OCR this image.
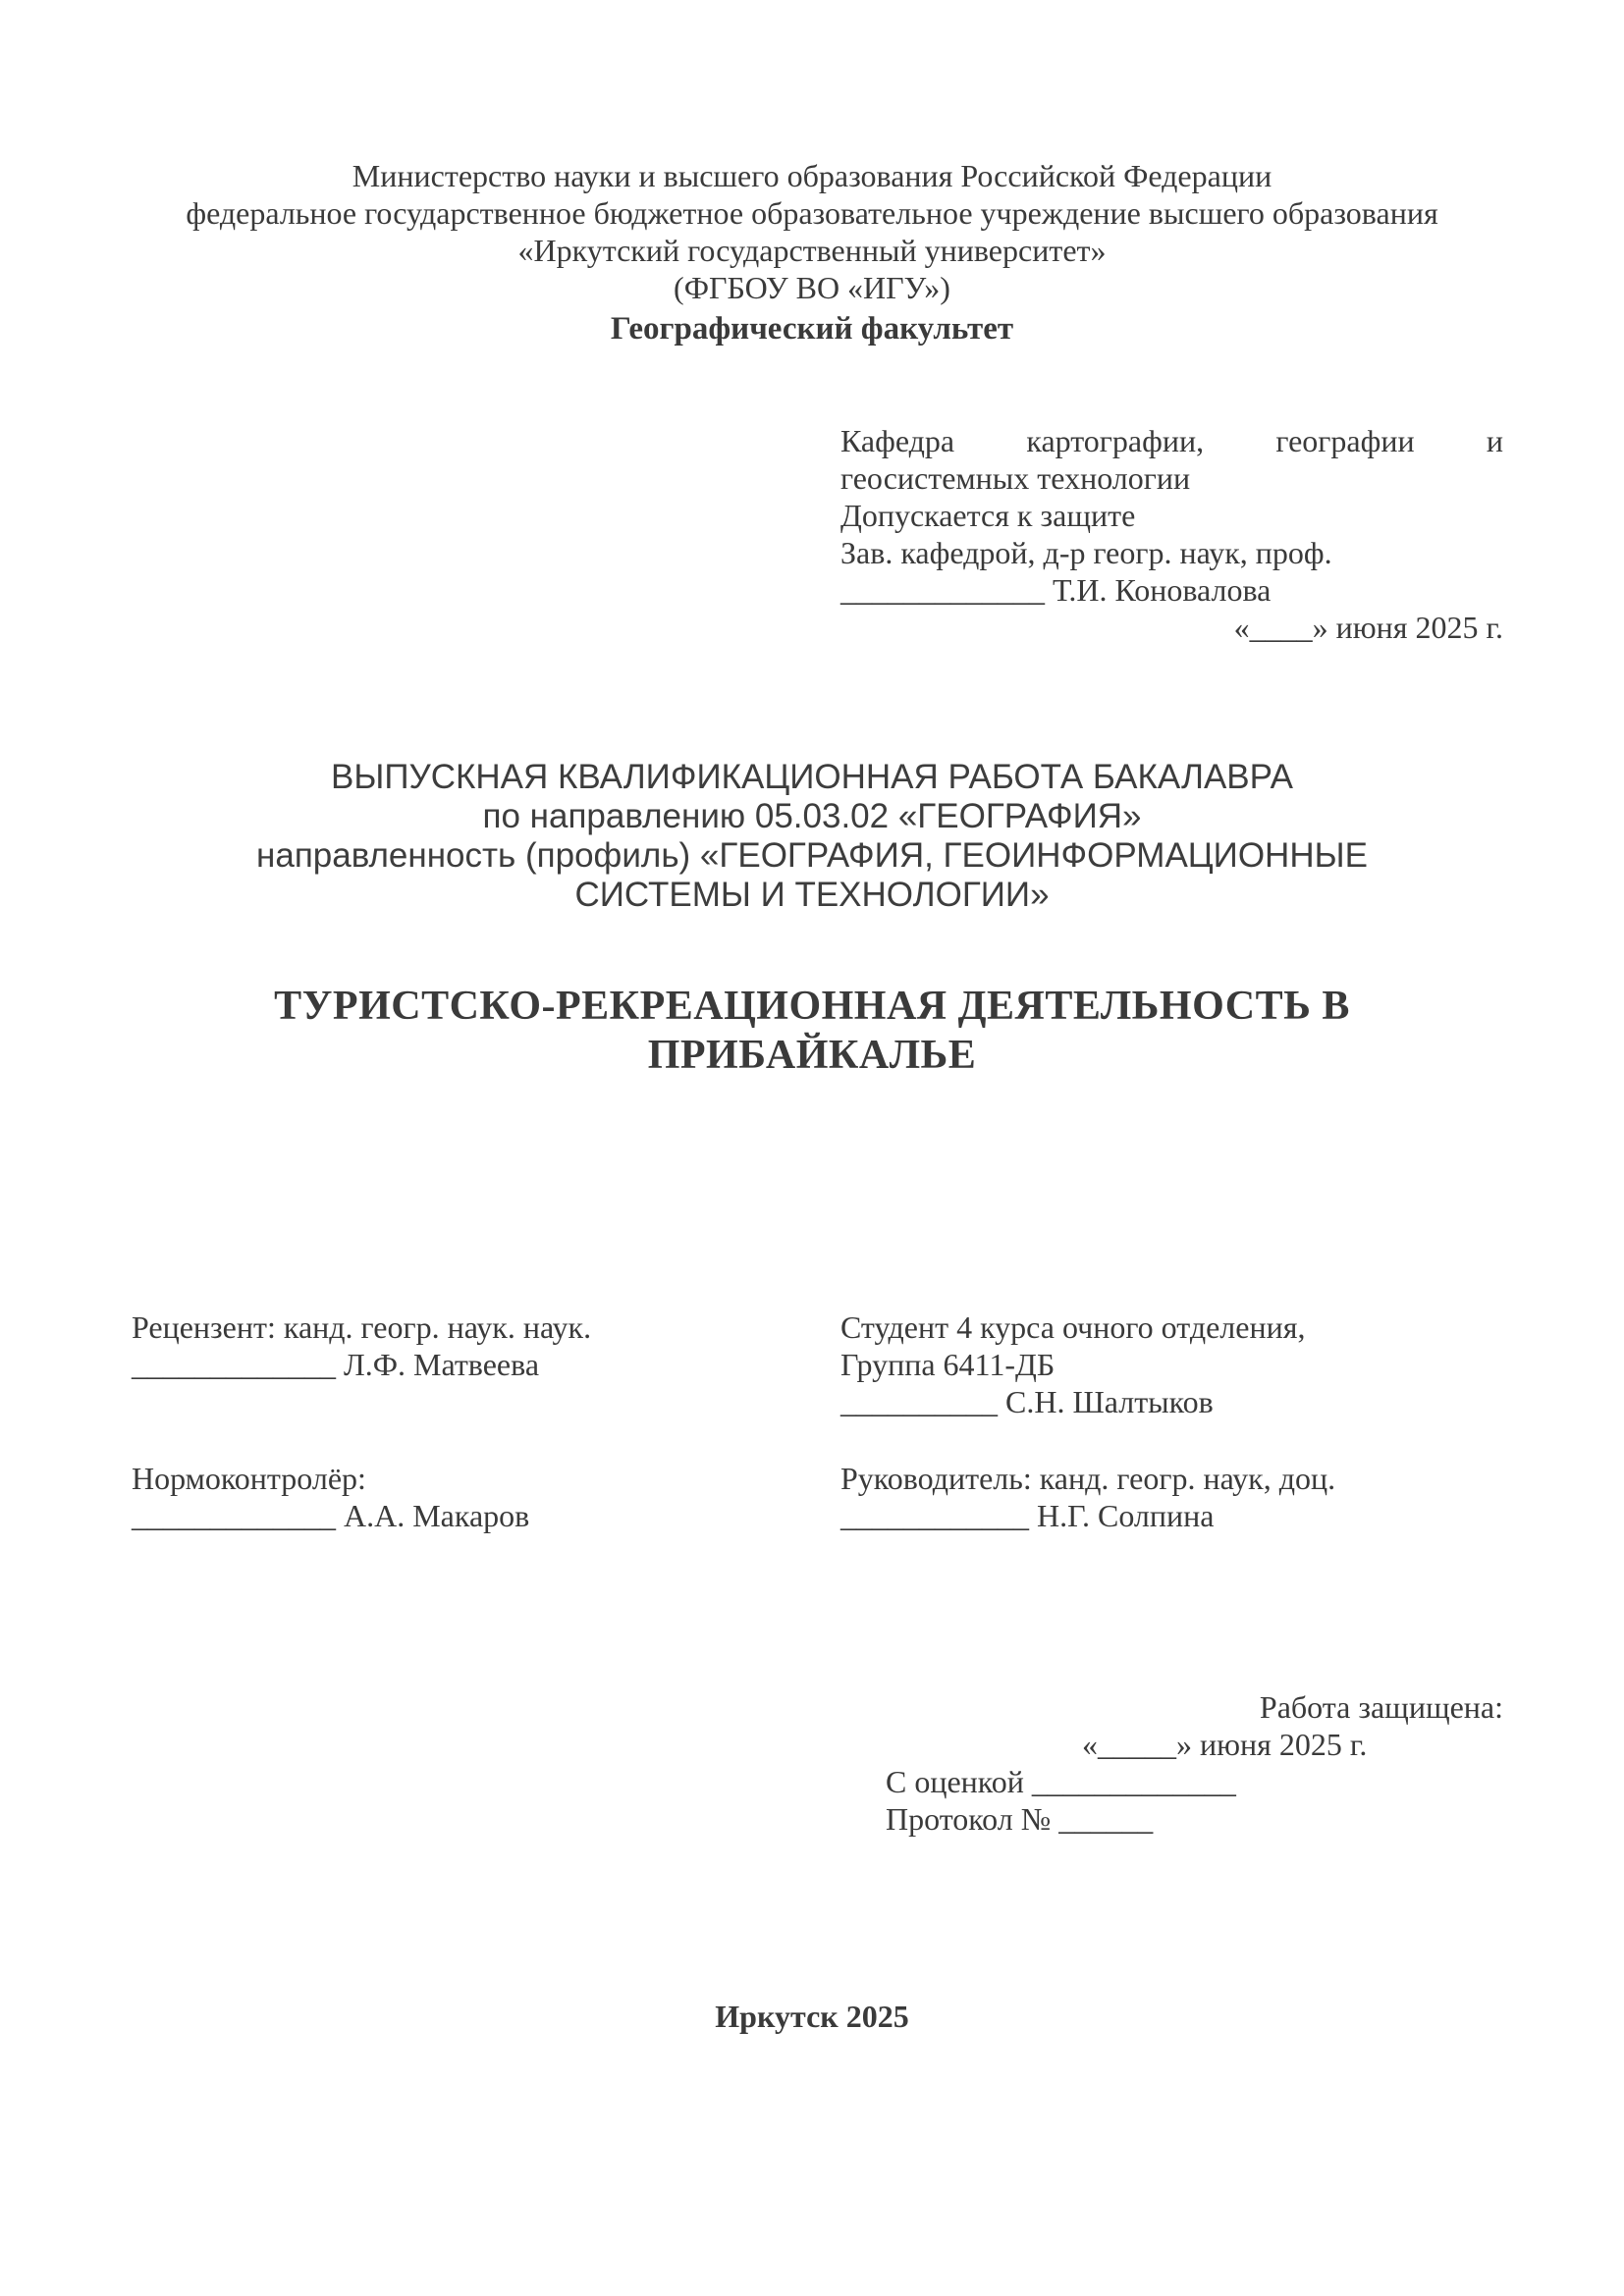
Министерство науки и высшего образования Российской Федерации
федеральное государственное бюджетное образовательное учреждение высшего образования
«Иркутский государственный университет»
(ФГБОУ ВО «ИГУ»)
Географический факультет
Кафедра картографии, географии и
геосистемных технологии
Допускается к защите
Зав. кафедрой, д-р геогр. наук, проф.
_____________ Т.И. Коновалова
«____» июня 2025 г.
ВЫПУСКНАЯ КВАЛИФИКАЦИОННАЯ РАБОТА БАКАЛАВРА
по направлению 05.03.02 «ГЕОГРАФИЯ»
направленность (профиль) «ГЕОГРАФИЯ, ГЕОИНФОРМАЦИОННЫЕ
СИСТЕМЫ И ТЕХНОЛОГИИ»
ТУРИСТСКО-РЕКРЕАЦИОННАЯ ДЕЯТЕЛЬНОСТЬ В
ПРИБАЙКАЛЬЕ
Рецензент: канд. геогр. наук. наук.
_____________ Л.Ф. Матвеева
Студент 4 курса очного отделения,
Группа 6411-ДБ
__________ С.Н. Шалтыков
Нормоконтролёр:
_____________ А.А. Макаров
Руководитель: канд. геогр. наук, доц.
____________ Н.Г. Солпина
Работа защищена:
«_____» июня 2025 г.
С оценкой _____________
Протокол № ______
Иркутск 2025
